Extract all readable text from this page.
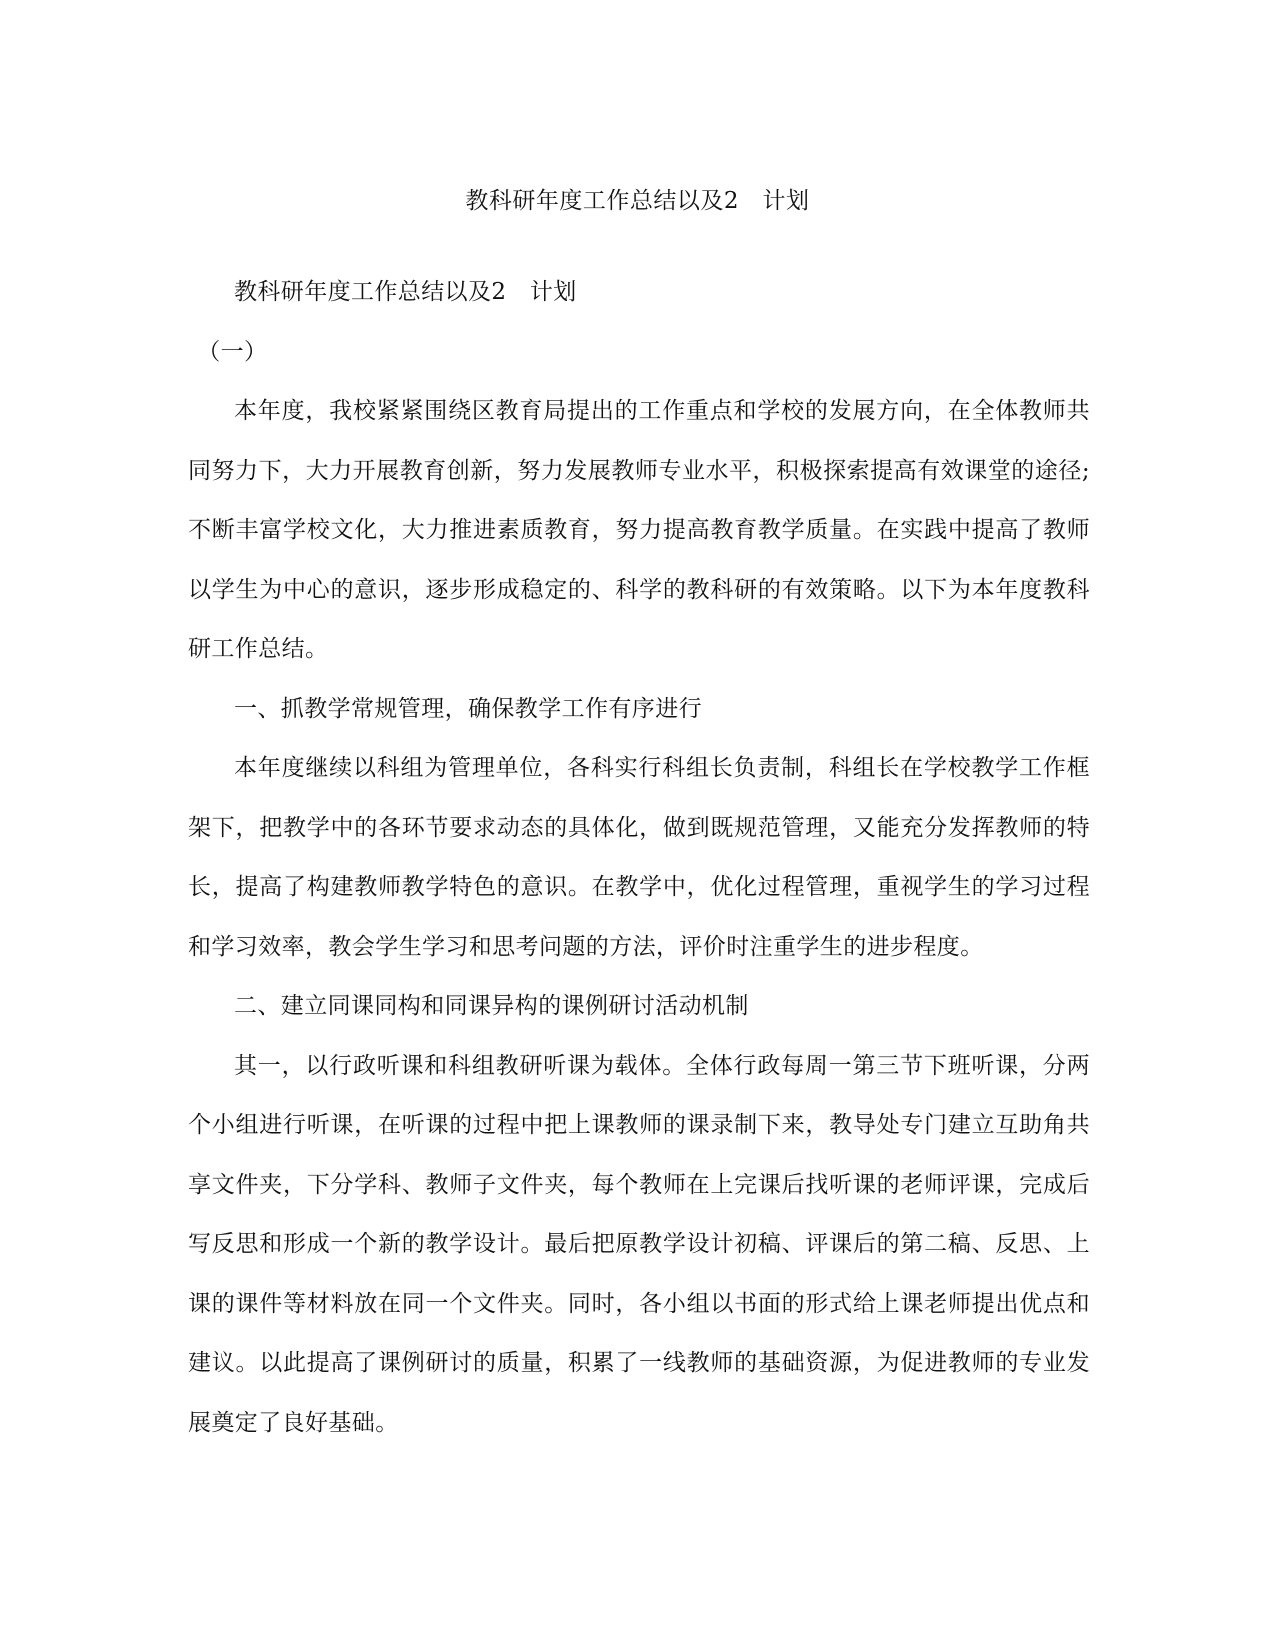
教科研年度工作总结以及2　计划

教科研年度工作总结以及2　计划

（一）

本年度，我校紧紧围绕区教育局提出的工作重点和学校的发展方向，在全体教师共同努力下，大力开展教育创新，努力发展教师专业水平，积极探索提高有效课堂的途径;不断丰富学校文化，大力推进素质教育，努力提高教育教学质量。在实践中提高了教师以学生为中心的意识，逐步形成稳定的、科学的教科研的有效策略。以下为本年度教科研工作总结。

一、抓教学常规管理，确保教学工作有序进行

本年度继续以科组为管理单位，各科实行科组长负责制，科组长在学校教学工作框架下，把教学中的各环节要求动态的具体化，做到既规范管理，又能充分发挥教师的特长，提高了构建教师教学特色的意识。在教学中，优化过程管理，重视学生的学习过程和学习效率，教会学生学习和思考问题的方法，评价时注重学生的进步程度。

二、建立同课同构和同课异构的课例研讨活动机制

其一，以行政听课和科组教研听课为载体。全体行政每周一第三节下班听课，分两个小组进行听课，在听课的过程中把上课教师的课录制下来，教导处专门建立互助角共享文件夹，下分学科、教师子文件夹，每个教师在上完课后找听课的老师评课，完成后写反思和形成一个新的教学设计。最后把原教学设计初稿、评课后的第二稿、反思、上课的课件等材料放在同一个文件夹。同时，各小组以书面的形式给上课老师提出优点和建议。以此提高了课例研讨的质量，积累了一线教师的基础资源，为促进教师的专业发展奠定了良好基础。
